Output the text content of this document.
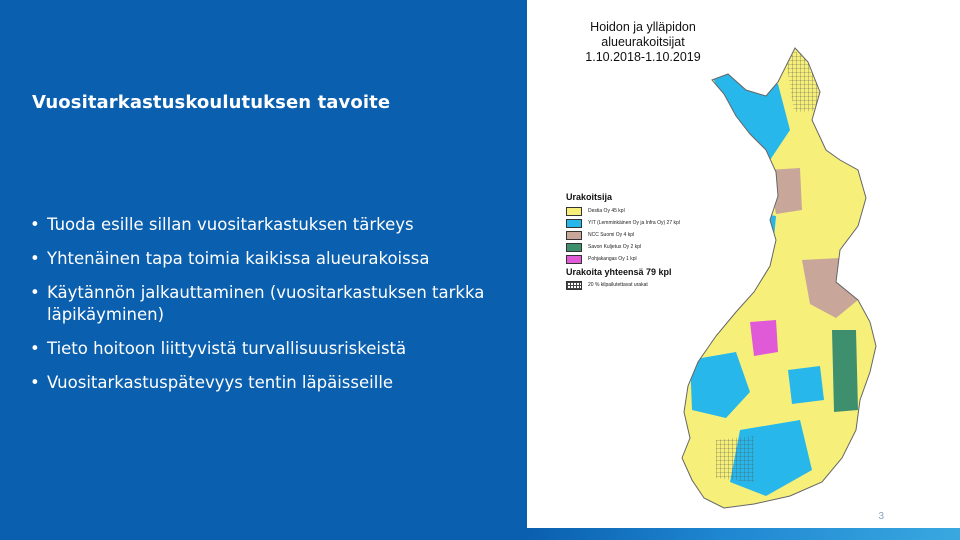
Vuositarkastuskoulutuksen tavoite
• Tuoda esille sillan vuositarkastuksen tärkeys
• Yhtenäinen tapa toimia kaikissa alueurakoissa
• Käytännön jalkauttaminen (vuositarkastuksen tarkka läpikäyminen)
• Tieto hoitoon liittyvistä turvallisuusriskeistä
• Vuositarkastuspätevyys tentin läpäisseille
Hoidon ja ylläpidon
alueurakoitsijat
1.10.2018-1.10.2019
Urakoitsija
Destia Oy 45 kpl
YIT (Lemminkäinen Oy ja Infra Oy) 27 kpl
NCC Suomi Oy 4 kpl
Savon Kuljetus Oy 2 kpl
Pohjakangas Oy 1 kpl
Urakoita yhteensä 79 kpl
20 % kilpailutettavat urakat
3
